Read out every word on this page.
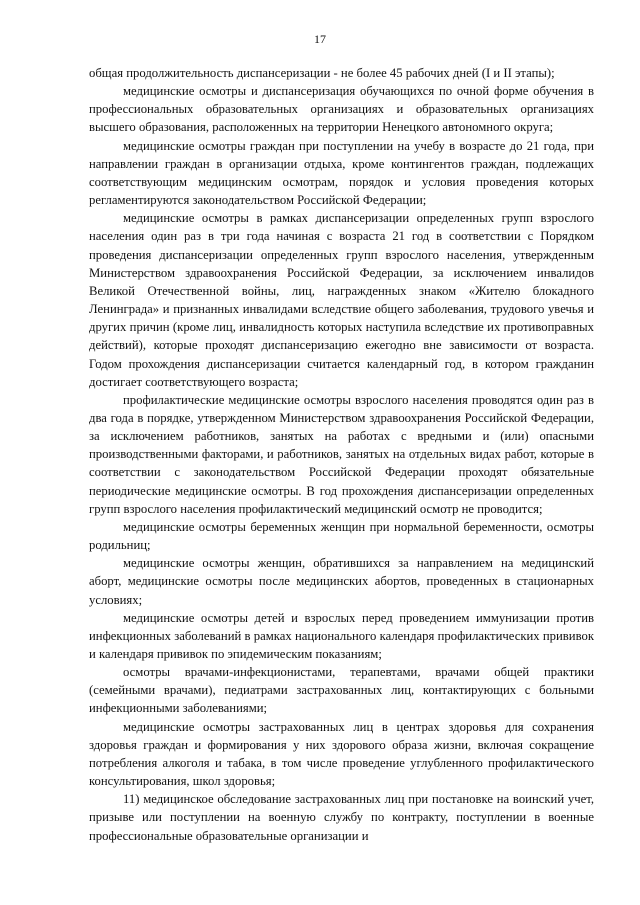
17

общая продолжительность диспансеризации - не более 45 рабочих дней (I и II этапы);

медицинские осмотры и диспансеризация обучающихся по очной форме обучения в профессиональных образовательных организациях и образовательных организациях высшего образования, расположенных на территории Ненецкого автономного округа;

медицинские осмотры граждан при поступлении на учебу в возрасте до 21 года, при направлении граждан в организации отдыха, кроме контингентов граждан, подлежащих соответствующим медицинским осмотрам, порядок и условия проведения которых регламентируются законодательством Российской Федерации;

медицинские осмотры в рамках диспансеризации определенных групп взрослого населения один раз в три года начиная с возраста 21 год в соответствии с Порядком проведения диспансеризации определенных групп взрослого населения, утвержденным Министерством здравоохранения Российской Федерации, за исключением инвалидов Великой Отечественной войны, лиц, награжденных знаком «Жителю блокадного Ленинграда» и признанных инвалидами вследствие общего заболевания, трудового увечья и других причин (кроме лиц, инвалидность которых наступила вследствие их противоправных действий), которые проходят диспансеризацию ежегодно вне зависимости от возраста. Годом прохождения диспансеризации считается календарный год, в котором гражданин достигает соответствующего возраста;

профилактические медицинские осмотры взрослого населения проводятся один раз в два года в порядке, утвержденном Министерством здравоохранения Российской Федерации, за исключением работников, занятых на работах с вредными и (или) опасными производственными факторами, и работников, занятых на отдельных видах работ, которые в соответствии с законодательством Российской Федерации проходят обязательные периодические медицинские осмотры. В год прохождения диспансеризации определенных групп взрослого населения профилактический медицинский осмотр не проводится;

медицинские осмотры беременных женщин при нормальной беременности, осмотры родильниц;

медицинские осмотры женщин, обратившихся за направлением на медицинский аборт, медицинские осмотры после медицинских абортов, проведенных в стационарных условиях;

медицинские осмотры детей и взрослых перед проведением иммунизации против инфекционных заболеваний в рамках национального календаря профилактических прививок и календаря прививок по эпидемическим показаниям;

осмотры врачами-инфекционистами, терапевтами, врачами общей практики (семейными врачами), педиатрами застрахованных лиц, контактирующих с больными инфекционными заболеваниями;

медицинские осмотры застрахованных лиц в центрах здоровья для сохранения здоровья граждан и формирования у них здорового образа жизни, включая сокращение потребления алкоголя и табака, в том числе проведение углубленного профилактического консультирования, школ здоровья;

11) медицинское обследование застрахованных лиц при постановке на воинский учет, призыве или поступлении на военную службу по контракту, поступлении в военные профессиональные образовательные организации и
